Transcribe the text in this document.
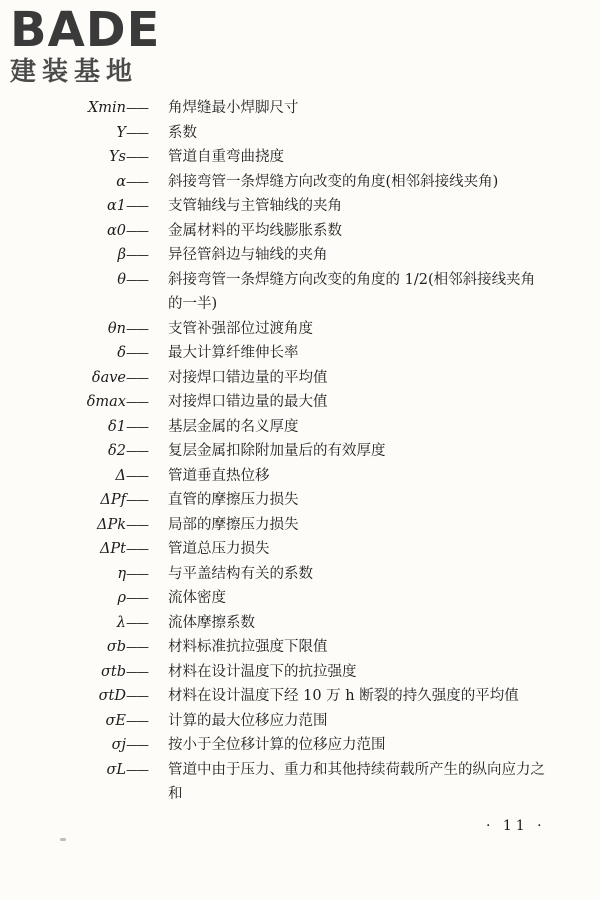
BADE
建装基地
Xmin ——	角焊缝最小焊脚尺寸
Y ——	系数
Ys ——	管道自重弯曲挠度
α ——	斜接弯管一条焊缝方向改变的角度(相邻斜接线夹角)
α1 ——	支管轴线与主管轴线的夹角
α0 ——	金属材料的平均线膨胀系数
β ——	异径管斜边与轴线的夹角
θ ——	斜接弯管一条焊缝方向改变的角度的 1/2(相邻斜接线夹角的一半)
θn ——	支管补强部位过渡角度
δ ——	最大计算纤维伸长率
δave ——	对接焊口错边量的平均值
δmax ——	对接焊口错边量的最大值
δ1 ——	基层金属的名义厚度
δ2 ——	复层金属扣除附加量后的有效厚度
Δ ——	管道垂直热位移
ΔPf ——	直管的摩擦压力损失
ΔPk ——	局部的摩擦压力损失
ΔPt ——	管道总压力损失
η ——	与平盖结构有关的系数
ρ ——	流体密度
λ ——	流体摩擦系数
σb ——	材料标准抗拉强度下限值
σtb ——	材料在设计温度下的抗拉强度
σtD ——	材料在设计温度下经 10 万 h 断裂的持久强度的平均值
σE ——	计算的最大位移应力范围
σj ——	按小于全位移计算的位移应力范围
σL ——	管道中由于压力、重力和其他持续荷载所产生的纵向应力之和
· 11 ·
